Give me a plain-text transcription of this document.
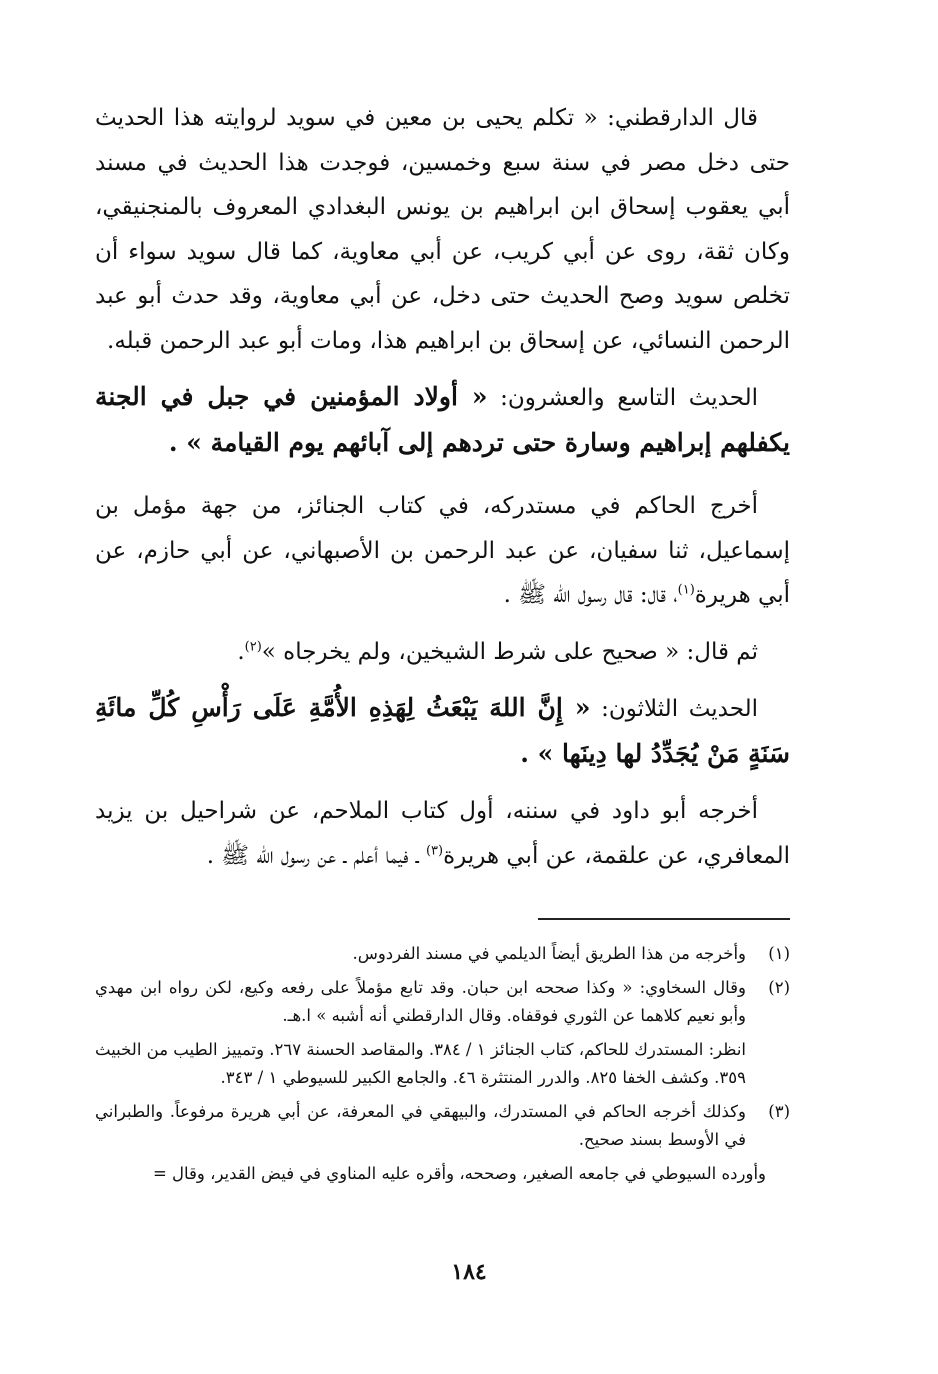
قال الدارقطني: « تكلم يحيى بن معين في سويد لروايته هذا الحديث حتى دخل مصر في سنة سبع وخمسين، فوجدت هذا الحديث في مسند أبي يعقوب إسحاق ابن ابراهيم بن يونس البغدادي المعروف بالمنجنيقي، وكان ثقة، روى عن أبي كريب، عن أبي معاوية، كما قال سويد سواء أن تخلص سويد وصح الحديث حتى دخل، عن أبي معاوية، وقد حدث أبو عبد الرحمن النسائي، عن إسحاق بن ابراهيم هذا، ومات أبو عبد الرحمن قبله.

الحديث التاسع والعشرون: « أولاد المؤمنين في جبل في الجنة يكفلهم إبراهيم وسارة حتى تردهم إلى آبائهم يوم القيامة » .

أخرج الحاكم في مستدركه، في كتاب الجنائز، من جهة مؤمل بن إسماعيل، ثنا سفيان، عن عبد الرحمن بن الأصبهاني، عن أبي حازم، عن أبي هريرة$^{(١)}$، قال: قال رسول الله ﷺ .

ثم قال: « صحيح على شرط الشيخين، ولم يخرجاه »$^{(٢)}$.

الحديث الثلاثون: « إِنَّ اللهَ يَبْعَثُ لِهَذِهِ الأُمَّةِ عَلَى رَأْسِ كُلِّ مائَةِ سَنَةٍ مَنْ يُجَدِّدُ لها دِينَها » .

أخرجه أبو داود في سننه، أول كتاب الملاحم، عن شراحيل بن يزيد المعافري، عن علقمة، عن أبي هريرة$^{(٣)}$ ـ فيما أعلم ـ عن رسول الله ﷺ .

(١)
وأخرجه من هذا الطريق أيضاً الديلمي في مسند الفردوس.
(٢)
وقال السخاوي: « وكذا صححه ابن حبان. وقد تابع مؤملاً على رفعه وكيع، لكن رواه ابن مهدي وأبو نعيم كلاهما عن الثوري فوقفاه. وقال الدارقطني أنه أشبه » ا.هـ.
انظر: المستدرك للحاكم، كتاب الجنائز ١ / ٣٨٤. والمقاصد الحسنة ٢٦٧. وتمييز الطيب من الخبيث ٣٥٩. وكشف الخفا ٨٢٥. والدرر المنتثرة ٤٦. والجامع الكبير للسيوطي ١ / ٣٤٣.
(٣)
وكذلك أخرجه الحاكم في المستدرك، والبيهقي في المعرفة، عن أبي هريرة مرفوعاً. والطبراني في الأوسط بسند صحيح.
وأورده السيوطي في جامعه الصغير، وصححه، وأقره عليه المناوي في فيض القدير، وقال =
١٨٤
